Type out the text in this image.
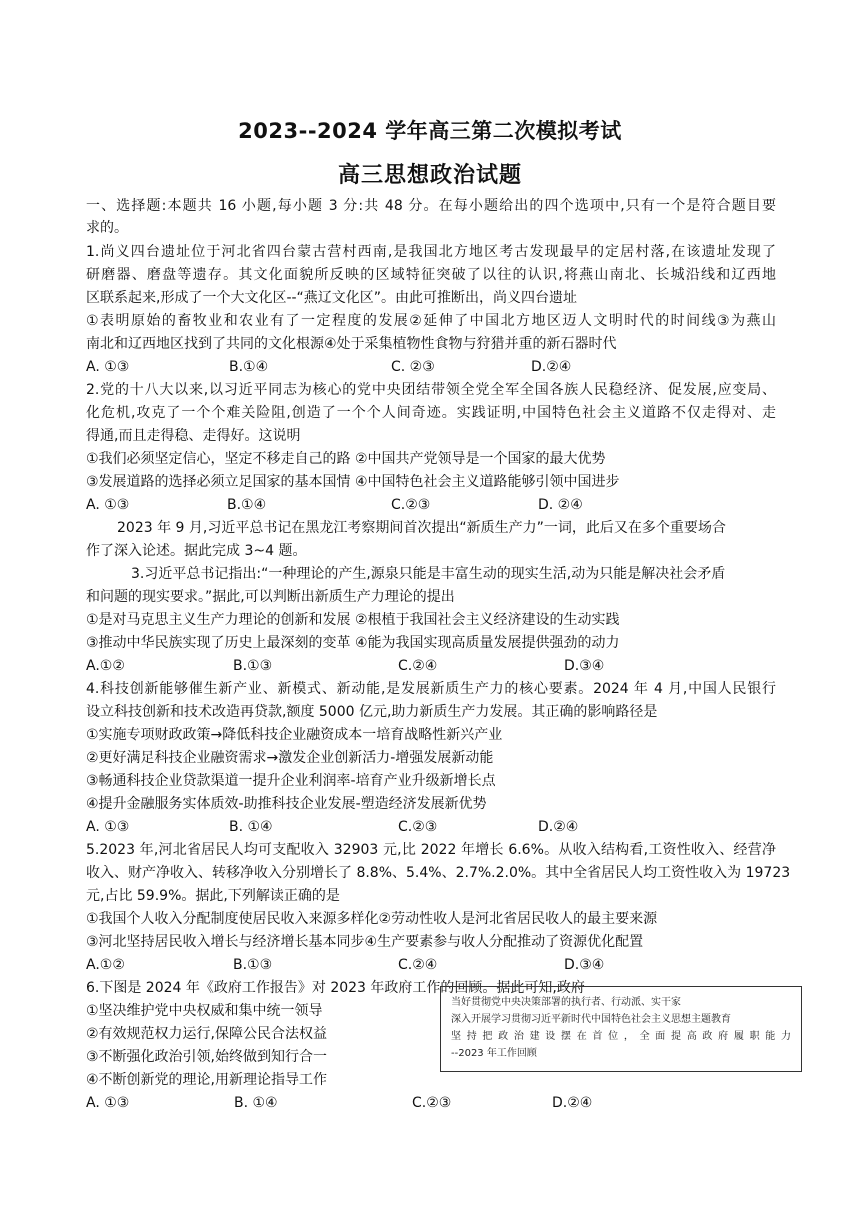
2023--2024 学年高三第二次模拟考试
高三思想政治试题
一、选择题:本题共 16 小题,每小题 3 分:共 48 分。在每小题给出的四个选项中,只有一个是符合题目要
求的。
1.尚义四台遗址位于河北省四台蒙古营村西南,是我国北方地区考古发现最早的定居村落,在该遗址发现了
研磨器、磨盘等遗存。其文化面貌所反映的区域特征突破了以往的认识,将燕山南北、长城沿线和辽西地
区联系起来,形成了一个大文化区--“燕辽文化区”。由此可推断出，尚义四台遗址
①表明原始的畜牧业和农业有了一定程度的发展②延伸了中国北方地区迈人文明时代的时间线③为燕山
南北和辽西地区找到了共同的文化根源④处于采集植物性食物与狩猎并重的新石器时代
A. ①③	B.①④	C. ②③	D.②④
2.党的十八大以来,以习近平同志为核心的党中央团结带领全党全军全国各族人民稳经济、促发展,应变局、
化危机,攻克了一个个难关险阻,创造了一个个人间奇迹。实践证明,中国特色社会主义道路不仅走得对、走
得通,而且走得稳、走得好。这说明
①我们必须坚定信心，坚定不移走自己的路 ②中国共产党领导是一个国家的最大优势
③发展道路的选择必须立足国家的基本国情 ④中国特色社会主义道路能够引领中国进步
A. ①③	B.①④	C.②③	D. ②④
2023 年 9 月,习近平总书记在黑龙江考察期间首次提出“新质生产力”一词，此后又在多个重要场合
作了深入论述。据此完成 3~4 题。
3.习近平总书记指出:“一种理论的产生,源泉只能是丰富生动的现实生活,动为只能是解决社会矛盾
和问题的现实要求。”据此,可以判断出新质生产力理论的提出
①是对马克思主义生产力理论的创新和发展 ②根植于我国社会主义经济建设的生动实践
③推动中华民族实现了历史上最深刻的变革 ④能为我国实现高质量发展提供强劲的动力
A.①②	B.①③	C.②④	D.③④
4.科技创新能够催生新产业、新模式、新动能,是发展新质生产力的核心要素。2024 年 4 月,中国人民银行
设立科技创新和技术改造再贷款,额度 5000 亿元,助力新质生产力发展。其正确的影响路径是
①实施专项财政政策→降低科技企业融资成本一培育战略性新兴产业
②更好满足科技企业融资需求→激发企业创新活力-增强发展新动能
③畅通科技企业贷款渠道一提升企业利润率-培育产业升级新增长点
④提升金融服务实体质效-助推科技企业发展-塑造经济发展新优势
A. ①③	B. ①④	C.②③	D.②④
5.2023 年,河北省居民人均可支配收入 32903 元,比 2022 年增长 6.6%。从收入结构看,工资性收入、经营净
收入、财产净收入、转移净收入分别增长了 8.8%、5.4%、2.7%.2.0%。其中全省居民人均工资性收入为 19723
元,占比 59.9%。据此,下列解读正确的是
①我国个人收入分配制度使居民收入来源多样化②劳动性收人是河北省居民收人的最主要来源
③河北坚持居民收入增长与经济增长基本同步④生产要素参与收人分配推动了资源优化配置
A.①②	B.①③	C.②④	D.③④
6.下图是 2024 年《政府工作报告》对 2023 年政府工作的回顾。据此可知,政府
①坚决维护党中央权威和集中统一领导
②有效规范权力运行,保障公民合法权益
③不断强化政治引领,始终做到知行合一
④不断创新党的理论,用新理论指导工作
当好贯彻党中央决策部署的执行者、行动派、实干家
深入开展学习贯彻习近平新时代中国特色社会主义思想主题教育
坚持把政治建设摆在首位，全面提高政府履职能力
--2023 年工作回顾
A. ①③	B. ①④	C.②③	D.②④
